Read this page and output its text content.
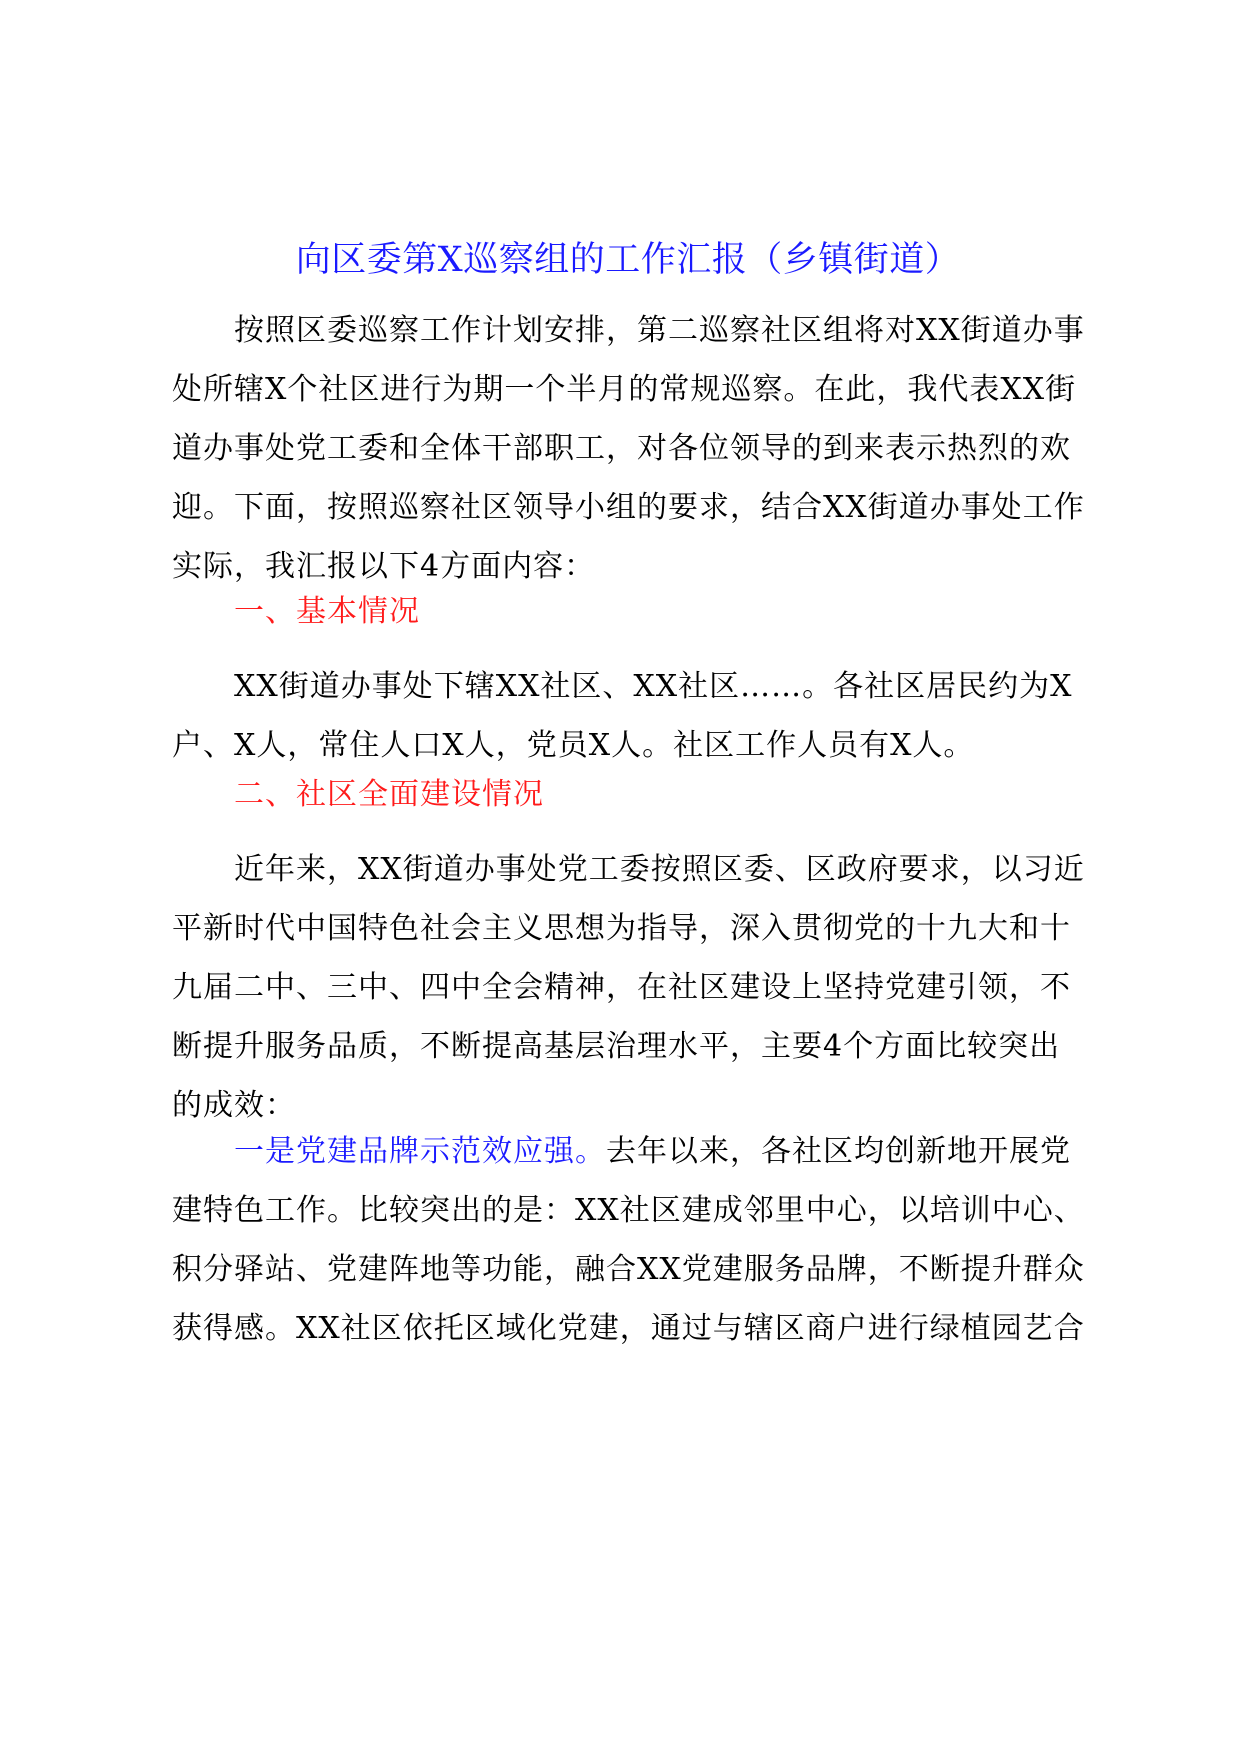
向区委第X巡察组的工作汇报（乡镇街道）

按照区委巡察工作计划安排，第二巡察社区组将对XX街道办事
处所辖X个社区进行为期一个半月的常规巡察。在此，我代表XX街
道办事处党工委和全体干部职工，对各位领导的到来表示热烈的欢
迎。下面，按照巡察社区领导小组的要求，结合XX街道办事处工作
实际，我汇报以下4方面内容：

一、基本情况

XX街道办事处下辖XX社区、XX社区……。各社区居民约为X
户、X人，常住人口X人，党员X人。社区工作人员有X人。

二、社区全面建设情况

近年来，XX街道办事处党工委按照区委、区政府要求，以习近
平新时代中国特色社会主义思想为指导，深入贯彻党的十九大和十
九届二中、三中、四中全会精神，在社区建设上坚持党建引领，不
断提升服务品质，不断提高基层治理水平，主要4个方面比较突出
的成效：

一是党建品牌示范效应强。去年以来，各社区均创新地开展党
建特色工作。比较突出的是：XX社区建成邻里中心，以培训中心、
积分驿站、党建阵地等功能，融合XX党建服务品牌，不断提升群众
获得感。XX社区依托区域化党建，通过与辖区商户进行绿植园艺合
